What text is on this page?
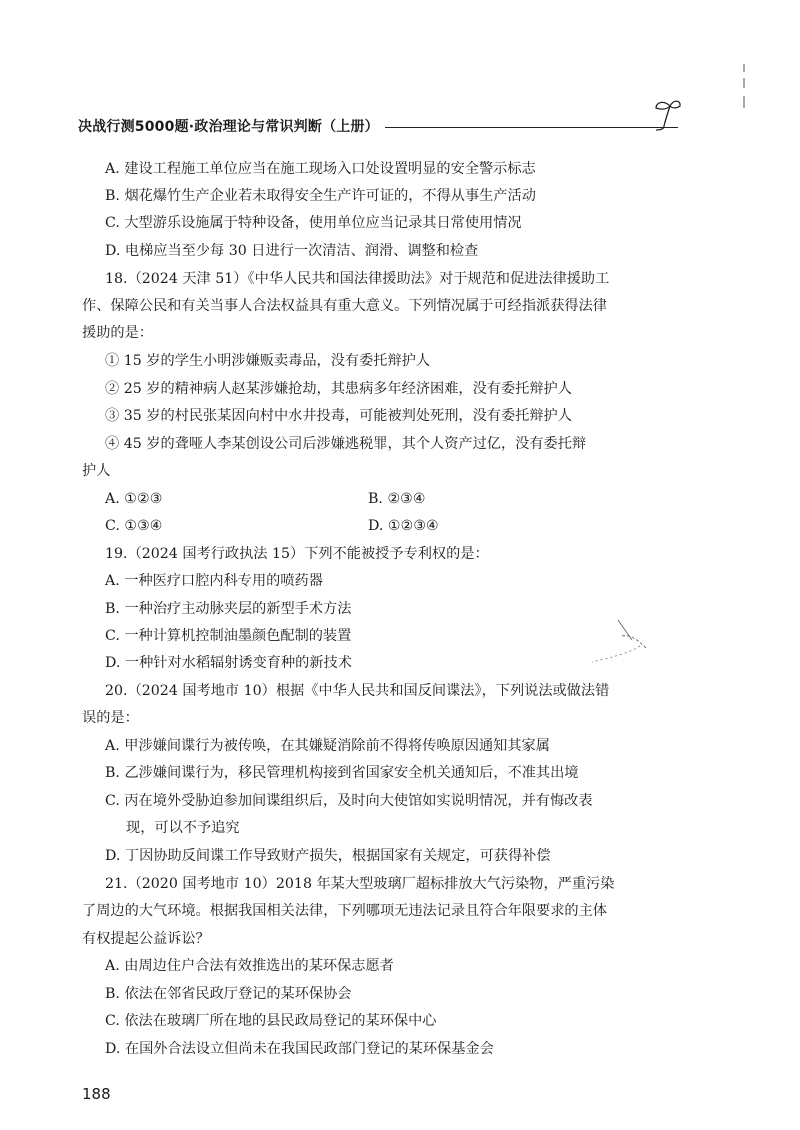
决战行测5000题·政治理论与常识判断（上册）
A. 建设工程施工单位应当在施工现场入口处设置明显的安全警示标志
B. 烟花爆竹生产企业若未取得安全生产许可证的，不得从事生产活动
C. 大型游乐设施属于特种设备，使用单位应当记录其日常使用情况
D. 电梯应当至少每 30 日进行一次清洁、润滑、调整和检查
18.（2024 天津 51）《中华人民共和国法律援助法》对于规范和促进法律援助工
作、保障公民和有关当事人合法权益具有重大意义。下列情况属于可经指派获得法律
援助的是：
① 15 岁的学生小明涉嫌贩卖毒品，没有委托辩护人
② 25 岁的精神病人赵某涉嫌抢劫，其患病多年经济困难，没有委托辩护人
③ 35 岁的村民张某因向村中水井投毒，可能被判处死刑，没有委托辩护人
④ 45 岁的聋哑人李某创设公司后涉嫌逃税罪，其个人资产过亿，没有委托辩
护人
A. ①②③	B. ②③④
C. ①③④	D. ①②③④
19.（2024 国考行政执法 15）下列不能被授予专利权的是：
A. 一种医疗口腔内科专用的喷药器
B. 一种治疗主动脉夹层的新型手术方法
C. 一种计算机控制油墨颜色配制的装置
D. 一种针对水稻辐射诱变育种的新技术
20.（2024 国考地市 10）根据《中华人民共和国反间谍法》，下列说法或做法错
误的是：
A. 甲涉嫌间谍行为被传唤，在其嫌疑消除前不得将传唤原因通知其家属
B. 乙涉嫌间谍行为，移民管理机构接到省国家安全机关通知后，不准其出境
C. 丙在境外受胁迫参加间谍组织后，及时向大使馆如实说明情况，并有悔改表
现，可以不予追究
D. 丁因协助反间谍工作导致财产损失，根据国家有关规定，可获得补偿
21.（2020 国考地市 10）2018 年某大型玻璃厂超标排放大气污染物，严重污染
了周边的大气环境。根据我国相关法律，下列哪项无违法记录且符合年限要求的主体
有权提起公益诉讼？
A. 由周边住户合法有效推选出的某环保志愿者
B. 依法在邻省民政厅登记的某环保协会
C. 依法在玻璃厂所在地的县民政局登记的某环保中心
D. 在国外合法设立但尚未在我国民政部门登记的某环保基金会
188
